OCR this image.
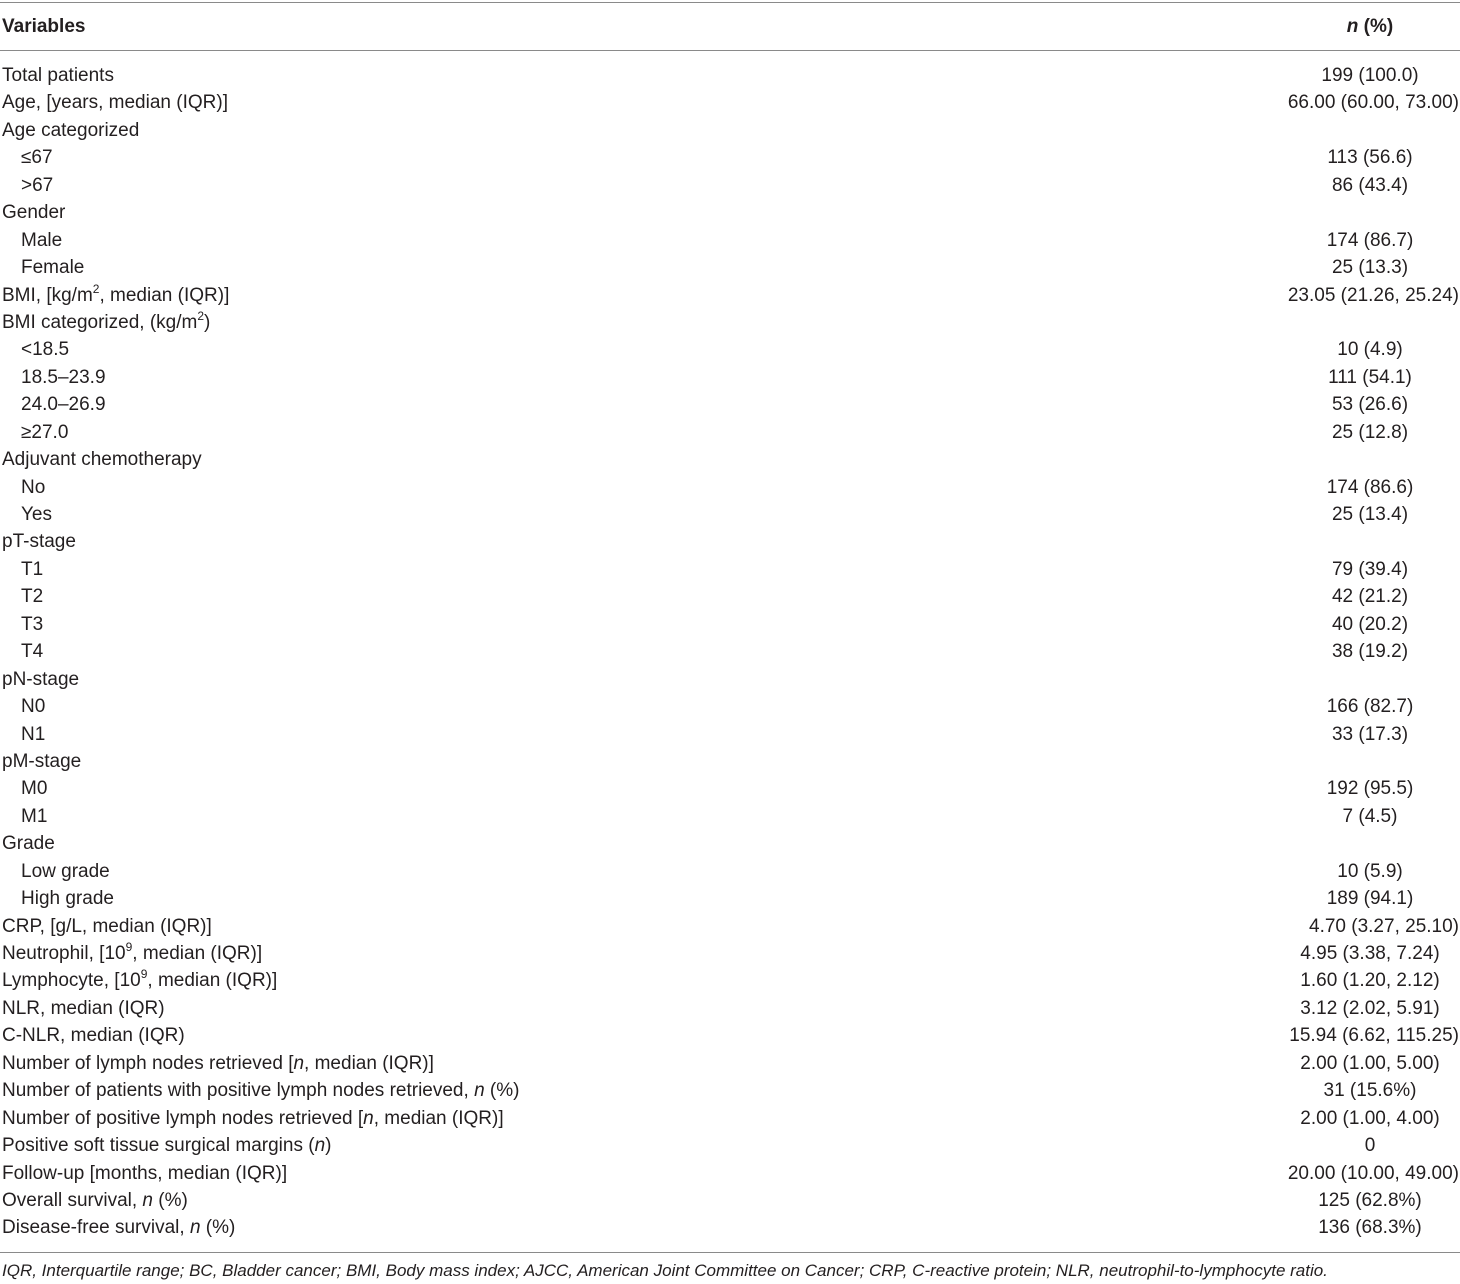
Variables	n (%)
Total patients	199 (100.0)
Age, [years, median (IQR)]	66.00 (60.00, 73.00)
Age categorized
≤67	113 (56.6)
>67	86 (43.4)
Gender
Male	174 (86.7)
Female	25 (13.3)
BMI, [$kg/m^2$, median (IQR)]	23.05 (21.26, 25.24)
BMI categorized, $(kg/m^2)$
<18.5	10 (4.9)
18.5–23.9	111 (54.1)
24.0–26.9	53 (26.6)
≥27.0	25 (12.8)
Adjuvant chemotherapy
No	174 (86.6)
Yes	25 (13.4)
pT-stage
T1	79 (39.4)
T2	42 (21.2)
T3	40 (20.2)
T4	38 (19.2)
pN-stage
N0	166 (82.7)
N1	33 (17.3)
pM-stage
M0	192 (95.5)
M1	7 (4.5)
Grade
Low grade	10 (5.9)
High grade	189 (94.1)
CRP, [g/L, median (IQR)]	4.70 (3.27, 25.10)
Neutrophil, [$10^9$, median (IQR)]	4.95 (3.38, 7.24)
Lymphocyte, [$10^9$, median (IQR)]	1.60 (1.20, 2.12)
NLR, median (IQR)	3.12 (2.02, 5.91)
C-NLR, median (IQR)	15.94 (6.62, 115.25)
Number of lymph nodes retrieved [n, median (IQR)]	2.00 (1.00, 5.00)
Number of patients with positive lymph nodes retrieved, n (%)	31 (15.6%)
Number of positive lymph nodes retrieved [n, median (IQR)]	2.00 (1.00, 4.00)
Positive soft tissue surgical margins (n)	0
Follow-up [months, median (IQR)]	20.00 (10.00, 49.00)
Overall survival, n (%)	125 (62.8%)
Disease-free survival, n (%)	136 (68.3%)
IQR, Interquartile range; BC, Bladder cancer; BMI, Body mass index; AJCC, American Joint Committee on Cancer; CRP, C-reactive protein; NLR, neutrophil-to-lymphocyte ratio.
